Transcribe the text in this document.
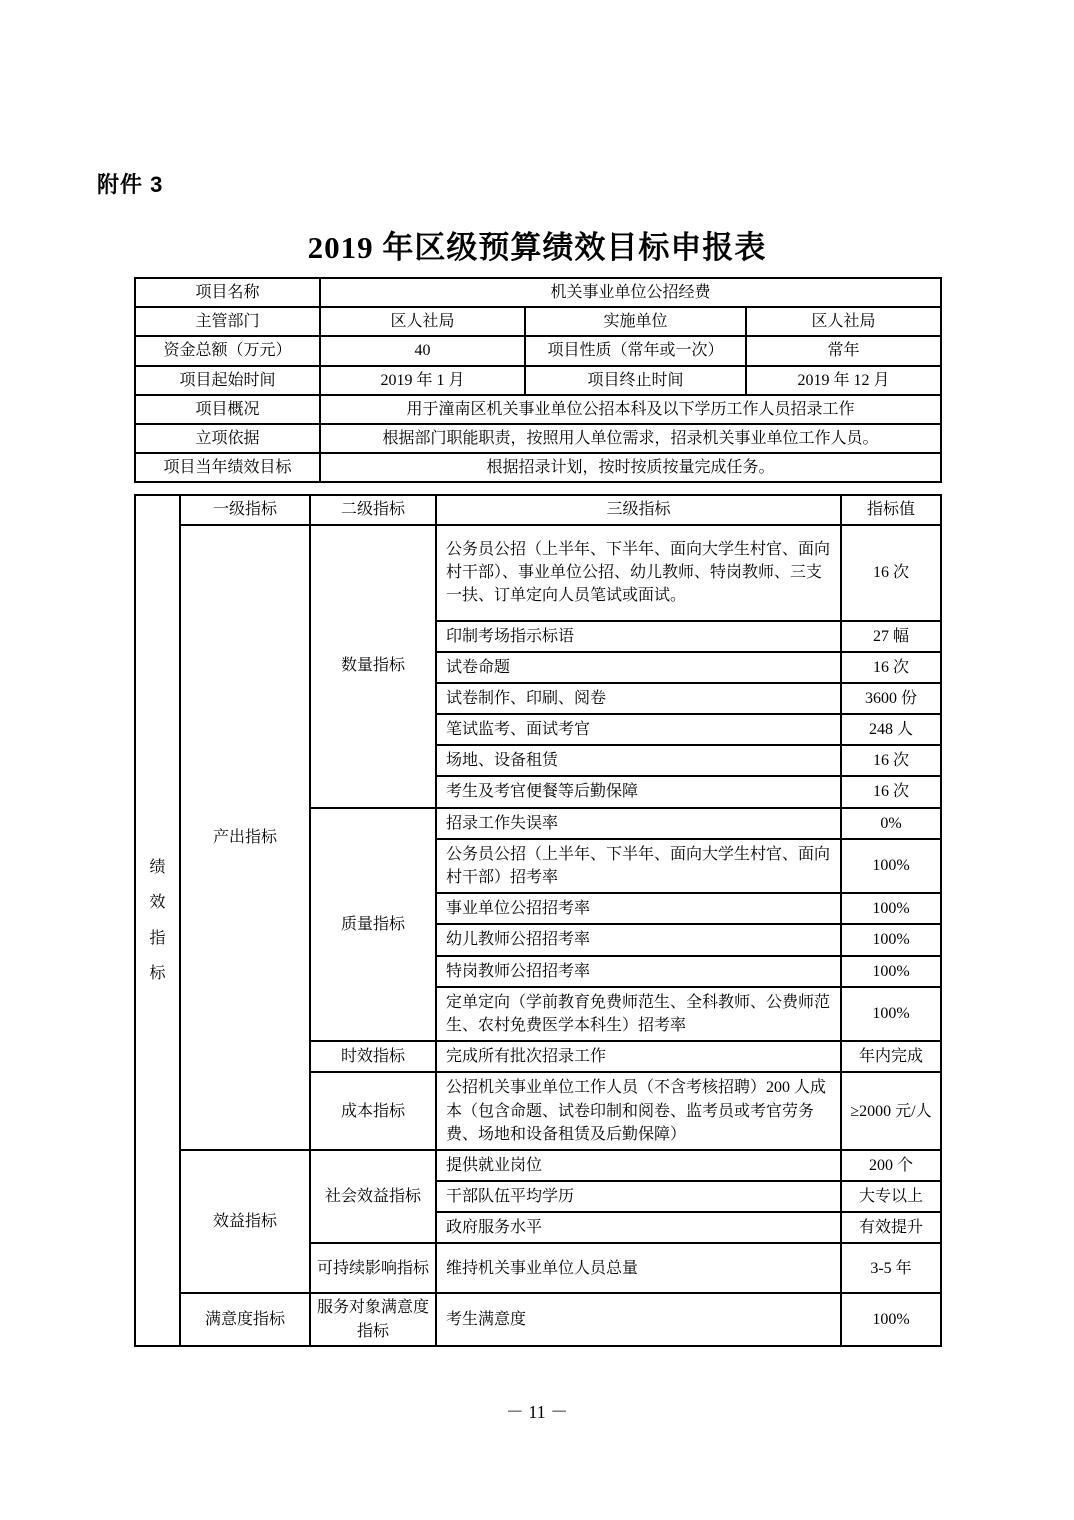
附件 3
2019 年区级预算绩效目标申报表
项目名称	机关事业单位公招经费		
主管部门	区人社局	实施单位	区人社局
资金总额（万元）	40	项目性质（常年或一次）	常年
项目起始时间	2019 年 1 月	项目终止时间	2019 年 12 月
项目概况	用于潼南区机关事业单位公招本科及以下学历工作人员招录工作		
立项依据	根据部门职能职责，按照用人单位需求，招录机关事业单位工作人员。		
项目当年绩效目标	根据招录计划，按时按质按量完成任务。		
绩效指标	一级指标	二级指标	三级指标	指标值
	产出指标	数量指标	公务员公招（上半年、下半年、面向大学生村官、面向村干部）、事业单位公招、幼儿教师、特岗教师、三支一扶、订单定向人员笔试或面试。	16 次
			印制考场指示标语	27 幅
			试卷命题	16 次
			试卷制作、印刷、阅卷	3600 份
			笔试监考、面试考官	248 人
			场地、设备租赁	16 次
			考生及考官便餐等后勤保障	16 次
		质量指标	招录工作失误率	0%
			公务员公招（上半年、下半年、面向大学生村官、面向村干部）招考率	100%
			事业单位公招招考率	100%
			幼儿教师公招招考率	100%
			特岗教师公招招考率	100%
			定单定向（学前教育免费师范生、全科教师、公费师范生、农村免费医学本科生）招考率	100%
		时效指标	完成所有批次招录工作	年内完成
		成本指标	公招机关事业单位工作人员（不含考核招聘）200 人成本（包含命题、试卷印制和阅卷、监考员或考官劳务费、场地和设备租赁及后勤保障）	≥2000 元/人
	效益指标	社会效益指标	提供就业岗位	200 个
			干部队伍平均学历	大专以上
			政府服务水平	有效提升
		可持续影响指标	维持机关事业单位人员总量	3-5 年
	满意度指标	服务对象满意度指标	考生满意度	100%
－ 11 －
